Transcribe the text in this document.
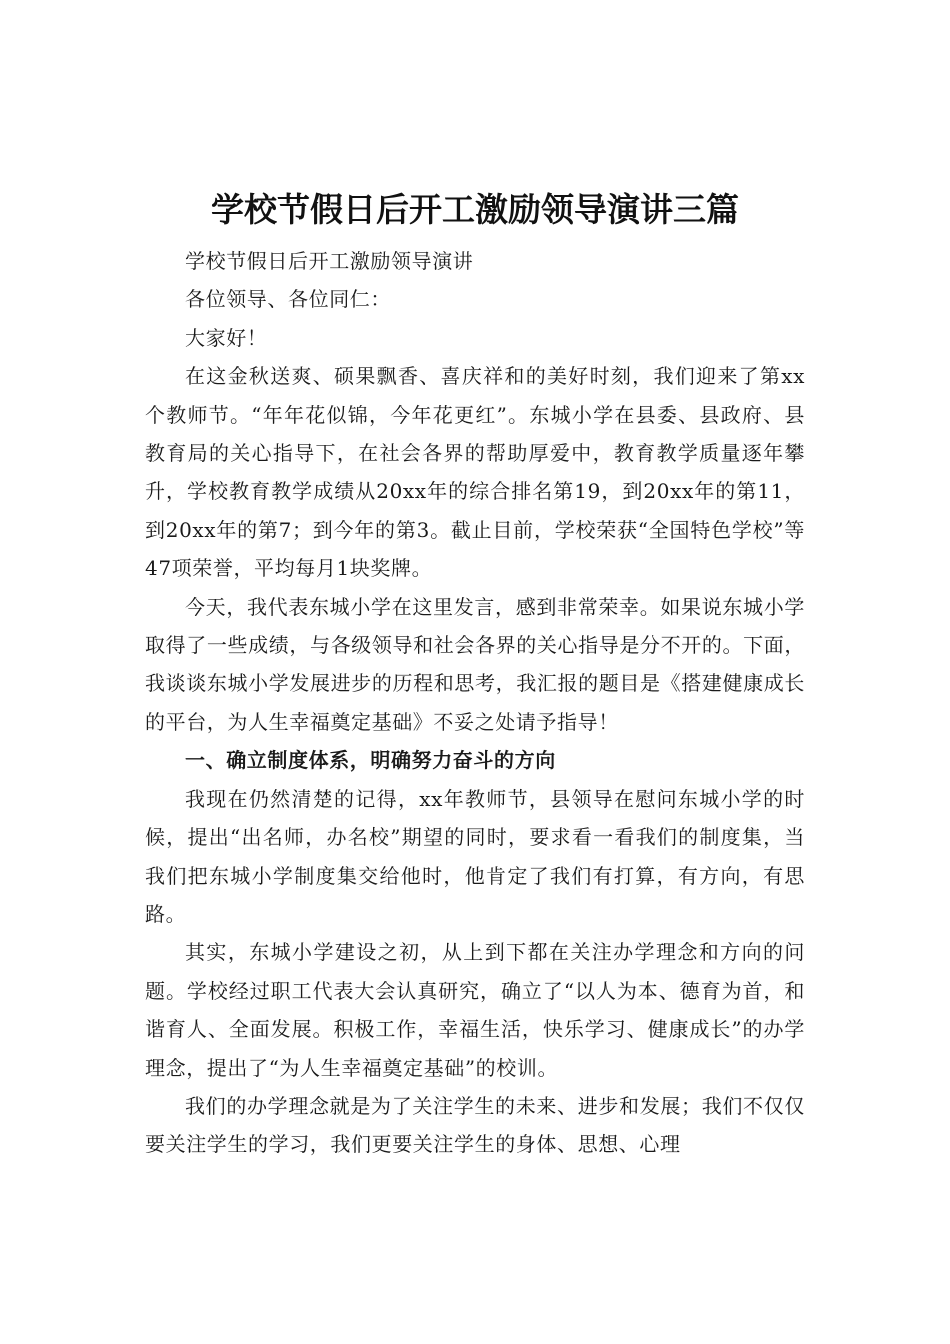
学校节假日后开工激励领导演讲三篇

学校节假日后开工激励领导演讲

各位领导、各位同仁：

大家好！

在这金秋送爽、硕果飘香、喜庆祥和的美好时刻，我们迎来了第xx个教师节。“年年花似锦，今年花更红”。东城小学在县委、县政府、县教育局的关心指导下，在社会各界的帮助厚爱中，教育教学质量逐年攀升，学校教育教学成绩从20xx年的综合排名第19，到20xx年的第11，到20xx年的第7；到今年的第3。截止目前，学校荣获“全国特色学校”等47项荣誉，平均每月1块奖牌。

今天，我代表东城小学在这里发言，感到非常荣幸。如果说东城小学取得了一些成绩，与各级领导和社会各界的关心指导是分不开的。下面，我谈谈东城小学发展进步的历程和思考，我汇报的题目是《搭建健康成长的平台，为人生幸福奠定基础》不妥之处请予指导！

一、确立制度体系，明确努力奋斗的方向

我现在仍然清楚的记得，xx年教师节，县领导在慰问东城小学的时候，提出“出名师，办名校”期望的同时，要求看一看我们的制度集，当我们把东城小学制度集交给他时，他肯定了我们有打算，有方向，有思路。

其实，东城小学建设之初，从上到下都在关注办学理念和方向的问题。学校经过职工代表大会认真研究，确立了“以人为本、德育为首，和谐育人、全面发展。积极工作，幸福生活，快乐学习、健康成长”的办学理念，提出了“为人生幸福奠定基础”的校训。

我们的办学理念就是为了关注学生的未来、进步和发展；我们不仅仅要关注学生的学习，我们更要关注学生的身体、思想、心理
